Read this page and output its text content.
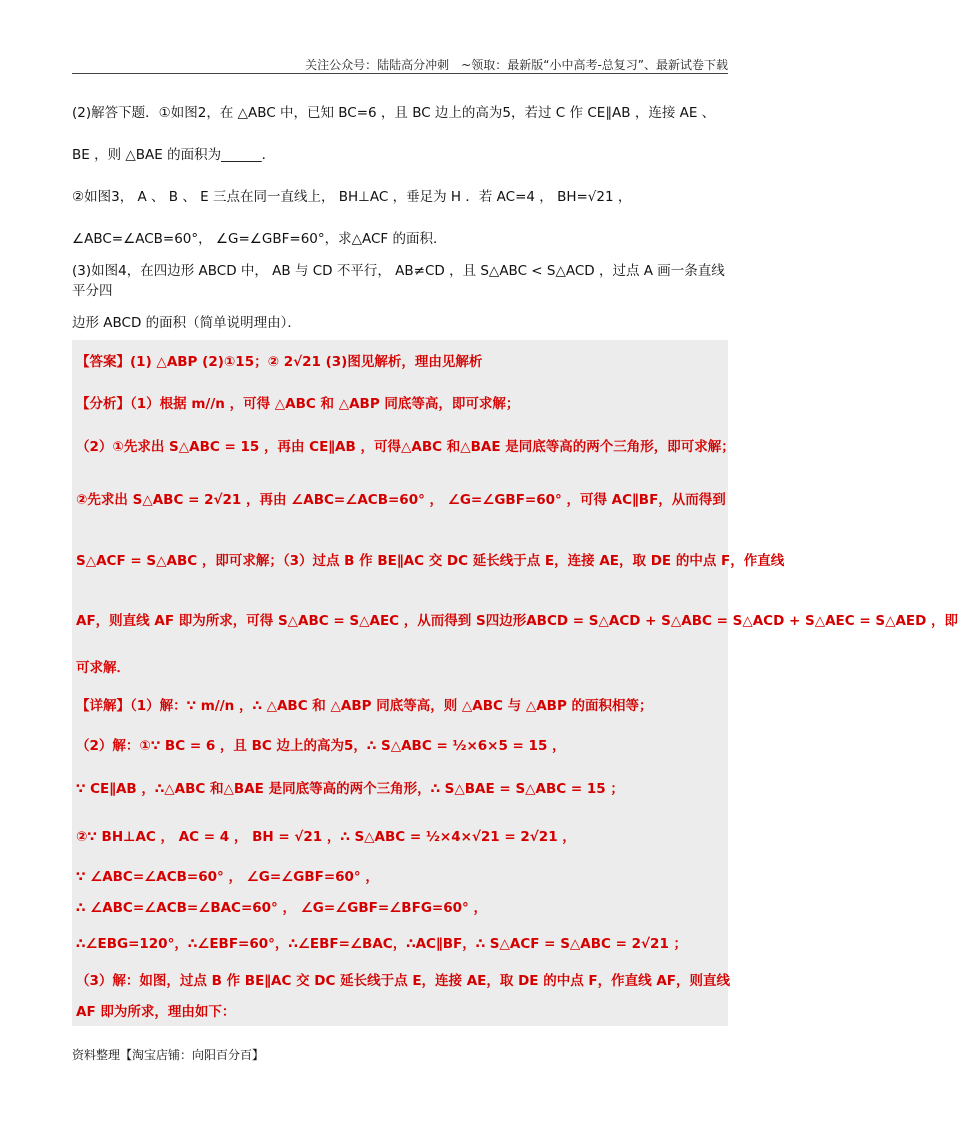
关注公众号：陆陆高分冲刺　~领取：最新版“小中高考-总复习”、最新试卷下载
(2)解答下题．①如图2，在 △ABC 中，已知 BC=6 ，且 BC 边上的高为5，若过 C 作 CE∥AB ，连接 AE 、
BE ，则 △BAE 的面积为______．
②如图3， A 、 B 、 E 三点在同一直线上， BH⊥AC ，垂足为 H ．若 AC=4 ， BH=√21 ，
∠ABC=∠ACB=60°， ∠G=∠GBF=60°，求△ACF 的面积．
(3)如图4，在四边形 ABCD 中， AB 与 CD 不平行， AB≠CD ，且 S△ABC < S△ACD ，过点 A 画一条直线平分四
边形 ABCD 的面积（简单说明理由）．
【答案】(1) △ABP (2)①15；② 2√21 (3)图见解析，理由见解析
【分析】（1）根据 m//n ，可得 △ABC 和 △ABP 同底等高，即可求解；
（2）①先求出 S△ABC = 15 ，再由 CE∥AB ，可得△ABC 和△BAE 是同底等高的两个三角形，即可求解；
②先求出 S△ABC = 2√21 ，再由 ∠ABC=∠ACB=60° ， ∠G=∠GBF=60° ，可得 AC∥BF，从而得到
S△ACF = S△ABC ，即可求解；（3）过点 B 作 BE∥AC 交 DC 延长线于点 E，连接 AE，取 DE 的中点 F，作直线
AF，则直线 AF 即为所求，可得 S△ABC = S△AEC ，从而得到 S四边形ABCD = S△ACD + S△ABC = S△ACD + S△AEC = S△AED ，即
可求解．
【详解】（1）解：∵ m//n ，∴ △ABC 和 △ABP 同底等高，则 △ABC 与 △ABP 的面积相等；
（2）解：①∵ BC = 6 ，且 BC 边上的高为5，∴ S△ABC = ½×6×5 = 15 ，
∵ CE∥AB ，∴△ABC 和△BAE 是同底等高的两个三角形，∴ S△BAE = S△ABC = 15 ；
②∵ BH⊥AC ， AC = 4 ， BH = √21 ，∴ S△ABC = ½×4×√21 = 2√21 ，
∵ ∠ABC=∠ACB=60° ， ∠G=∠GBF=60° ，
∴ ∠ABC=∠ACB=∠BAC=60° ， ∠G=∠GBF=∠BFG=60° ，
∴∠EBG=120°，∴∠EBF=60°，∴∠EBF=∠BAC，∴AC∥BF，∴ S△ACF = S△ABC = 2√21 ；
（3）解：如图，过点 B 作 BE∥AC 交 DC 延长线于点 E，连接 AE，取 DE 的中点 F，作直线 AF，则直线
AF 即为所求，理由如下：
资料整理【淘宝店铺：向阳百分百】
